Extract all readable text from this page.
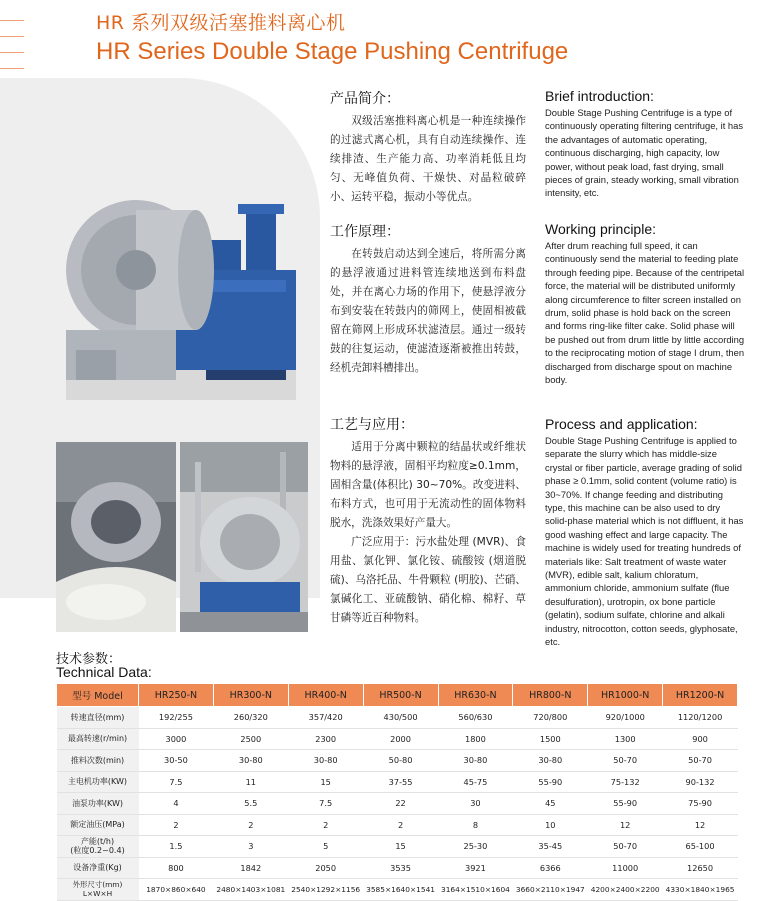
HR 系列双级活塞推料离心机
HR Series Double Stage Pushing Centrifuge
产品简介：
双级活塞推料离心机是一种连续操作的过滤式离心机，具有自动连续操作、连续排渣、生产能力高、功率消耗低且均匀、无峰值负荷、干燥快、对晶粒破碎小、运转平稳，振动小等优点。
工作原理：
在转鼓启动达到全速后，将所需分离的悬浮液通过进料管连续地送到布料盘处，并在离心力场的作用下，使悬浮液分布到安装在转鼓内的筛网上，使固相被截留在筛网上形成环状滤渣层。通过一级转鼓的往复运动，使滤渣逐渐被推出转鼓，经机壳卸料槽排出。
工艺与应用：
适用于分离中颗粒的结晶状或纤维状物料的悬浮液，固相平均粒度≥0.1mm，固相含量(体积比) 30~70%。改变进料、布料方式，也可用于无流动性的固体物料脱水，洗涤效果好产量大。
广泛应用于：污水盐处理 (MVR)、食用盐、氯化钾、氯化铵、硫酸铵 (烟道脱硫)、乌洛托品、牛骨颗粒 (明胶)、芒硝、氯碱化工、亚硫酸钠、硝化棉、棉籽、草甘磷等近百种物料。
Brief introduction:
Double Stage Pushing Centrifuge is a type of continuously operating filtering centrifuge, it has the advantages of automatic operating, continuous discharging, high capacity, low power, without peak load, fast drying, small pieces of grain, steady working, small vibration intensity, etc.
Working principle:
After drum reaching full speed, it can continuously send the material to feeding plate through feeding pipe. Because of the centripetal force, the material will be distributed uniformly along circumference to filter screen installed on drum, solid phase is hold back on the screen and forms ring-like filter cake. Solid phase will be pushed out from drum little by little according to the reciprocating motion of stage I drum, then discharged from discharge spout on machine body.
Process and application:
Double Stage Pushing Centrifuge is applied to separate the slurry which has middle-size crystal or fiber particle, average grading of solid phase ≥ 0.1mm, solid content (volume ratio) is 30~70%. If change feeding and distributing type, this machine can be also used to dry solid-phase material which is not diffluent, it has good washing effect and large capacity. The machine is widely used for treating hundreds of materials like: Salt treatment of waste water (MVR), edible salt, kalium chloratum, ammonium chloride, ammonium sulfate (flue desulfuration), urotropin, ox bone particle (gelatin), sodium sulfate, chlorine and alkali industry, nitrocotton, cotton seeds, glyphosate, etc.
技术参数：
Technical Data:
型号 Model	HR250-N	HR300-N	HR400-N	HR500-N	HR630-N	HR800-N	HR1000-N	HR1200-N
转速直径(mm)	192/255	260/320	357/420	430/500	560/630	720/800	920/1000	1120/1200
最高转速(r/min)	3000	2500	2300	2000	1800	1500	1300	900
推料次数(min)	30-50	30-80	30-80	50-80	30-80	30-80	50-70	50-70
主电机功率(KW)	7.5	11	15	37-55	45-75	55-90	75-132	90-132
油泵功率(KW)	4	5.5	7.5	22	30	45	55-90	75-90
额定油压(MPa)	2	2	2	2	8	10	12	12
产能(t/h)
(粒度0.2~0.4)	1.5	3	5	15	25-30	35-45	50-70	65-100
设备净重(Kg)	800	1842	2050	3535	3921	6366	11000	12650
外形尺寸(mm)
L×W×H	1870×860×640	2480×1403×1081	2540×1292×1156	3585×1640×1541	3164×1510×1604	3660×2110×1947	4200×2400×2200	4330×1840×1965
